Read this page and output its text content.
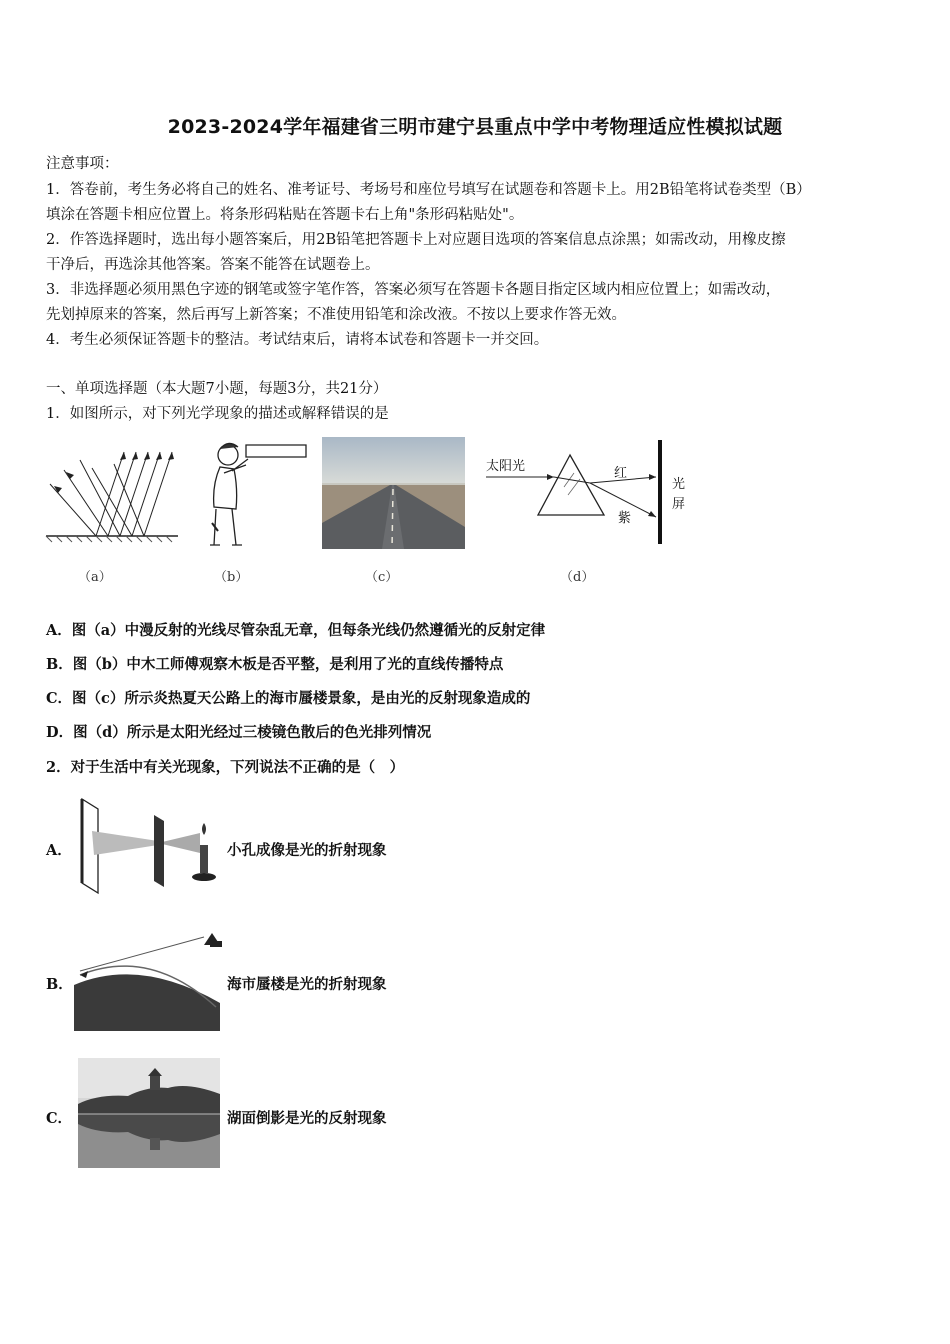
2023-2024学年福建省三明市建宁县重点中学中考物理适应性模拟试题
注意事项：
1．答卷前，考生务必将自己的姓名、准考证号、考场号和座位号填写在试题卷和答题卡上。用2B铅笔将试卷类型（B）
填涂在答题卡相应位置上。将条形码粘贴在答题卡右上角"条形码粘贴处"。
2．作答选择题时，选出每小题答案后，用2B铅笔把答题卡上对应题目选项的答案信息点涂黑；如需改动，用橡皮擦
干净后，再选涂其他答案。答案不能答在试题卷上。
3．非选择题必须用黑色字迹的钢笔或签字笔作答，答案必须写在答题卡各题目指定区域内相应位置上；如需改动，
先划掉原来的答案，然后再写上新答案；不准使用铅笔和涂改液。不按以上要求作答无效。
4．考生必须保证答题卡的整洁。考试结束后，请将本试卷和答题卡一并交回。
一、单项选择题（本大题7小题，每题3分，共21分）
1．如图所示，对下列光学现象的描述或解释错误的是
（a）	（b）	（c）
太阳光	红
紫
光
屏
（d）
A．图（a）中漫反射的光线尽管杂乱无章，但每条光线仍然遵循光的反射定律
B．图（b）中木工师傅观察木板是否平整，是利用了光的直线传播特点
C．图（c）所示炎热夏天公路上的海市蜃楼景象，是由光的反射现象造成的
D．图（d）所示是太阳光经过三棱镜色散后的色光排列情况
2．对于生活中有关光现象，下列说法不正确的是（　）
A．	小孔成像是光的折射现象
B．	海市蜃楼是光的折射现象
C．	湖面倒影是光的反射现象
